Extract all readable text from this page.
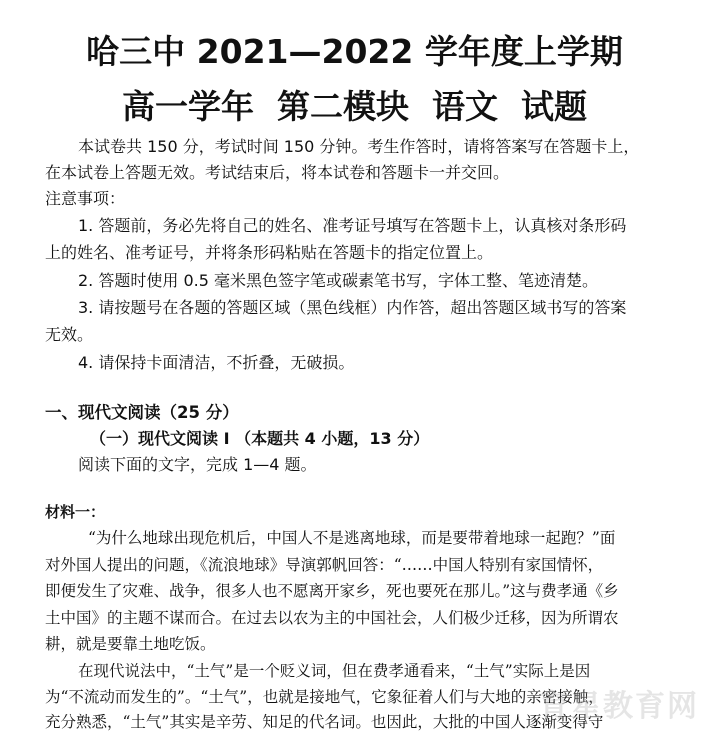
哈三中 2021—2022 学年度上学期
高一学年  第二模块  语文  试题
本试卷共 150 分，考试时间 150 分钟。考生作答时，请将答案写在答题卡上，
在本试卷上答题无效。考试结束后，将本试卷和答题卡一并交回。
注意事项：
1. 答题前，务必先将自己的姓名、准考证号填写在答题卡上，认真核对条形码
上的姓名、准考证号，并将条形码粘贴在答题卡的指定位置上。
2. 答题时使用 0.5 毫米黑色签字笔或碳素笔书写，字体工整、笔迹清楚。
3. 请按题号在各题的答题区域（黑色线框）内作答，超出答题区域书写的答案
无效。
4. 请保持卡面清洁，不折叠，无破损。
一、现代文阅读（25 分）
（一）现代文阅读 I （本题共 4 小题，13 分）
阅读下面的文字，完成 1—4 题。
材料一：
“为什么地球出现危机后，中国人不是逃离地球，而是要带着地球一起跑？”面
对外国人提出的问题，《流浪地球》导演郭帆回答：“……中国人特别有家国情怀，
即便发生了灾难、战争，很多人也不愿离开家乡，死也要死在那儿。”这与费孝通《乡
土中国》的主题不谋而合。在过去以农为主的中国社会，人们极少迁移，因为所谓农
耕，就是要靠土地吃饭。
在现代说法中，“土气”是一个贬义词，但在费孝通看来，“土气”实际上是因
为“不流动而发生的”。“土气”，也就是接地气，它象征着人们与大地的亲密接触，
充分熟悉，“土气”其实是辛劳、知足的代名词。也因此，大批的中国人逐渐变得守
育星教育网
